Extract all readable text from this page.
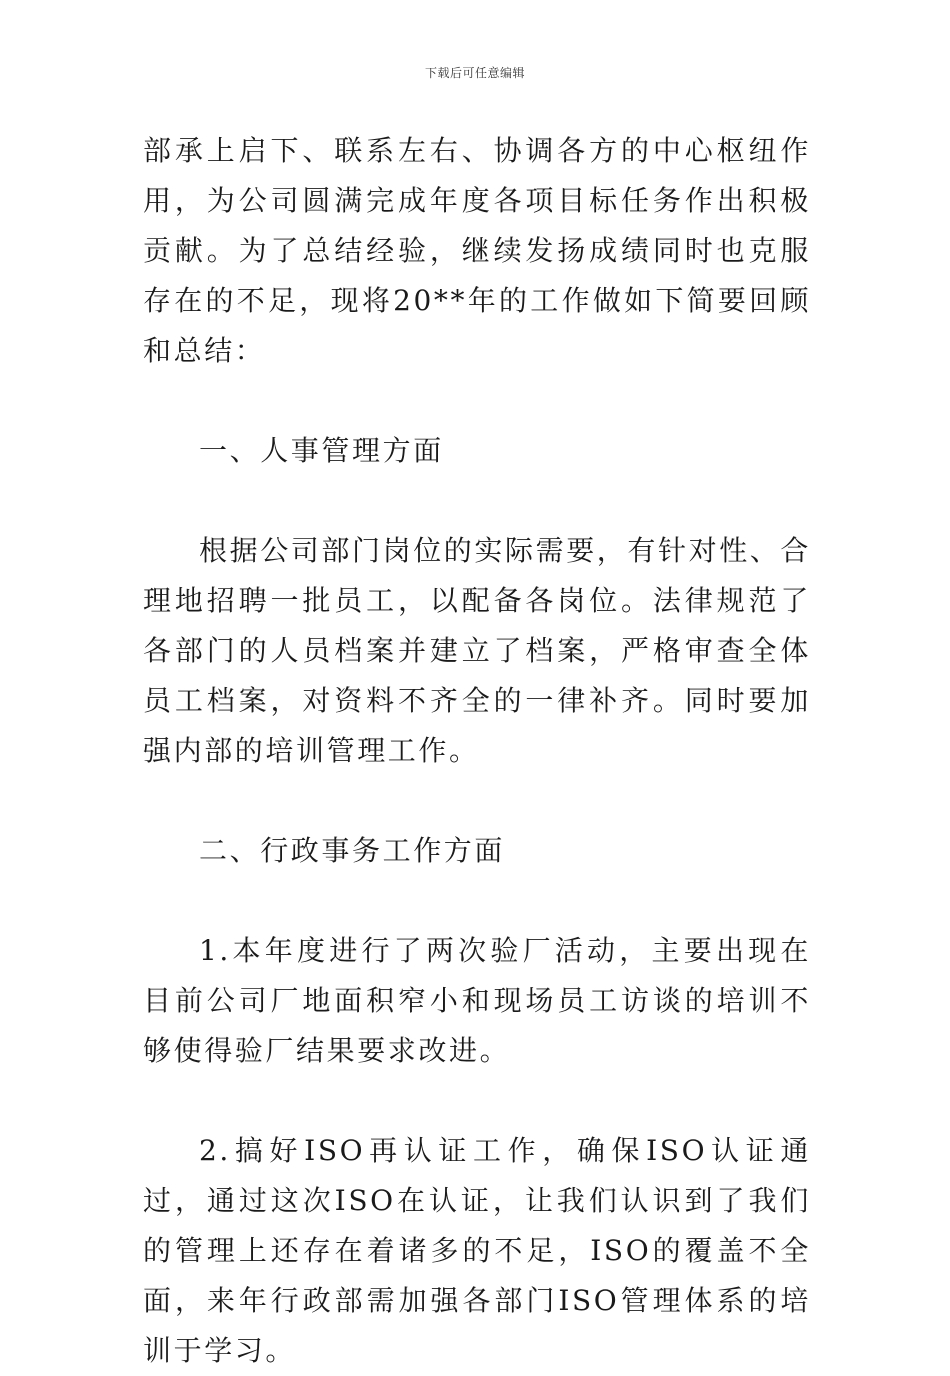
下载后可任意编辑

部承上启下、联系左右、协调各方的中心枢纽作用，为公司圆满完成年度各项目标任务作出积极贡献。为了总结经验，继续发扬成绩同时也克服存在的不足，现将20**年的工作做如下简要回顾和总结：

一、人事管理方面

根据公司部门岗位的实际需要，有针对性、合理地招聘一批员工，以配备各岗位。法律规范了各部门的人员档案并建立了档案，严格审查全体员工档案，对资料不齐全的一律补齐。同时要加强内部的培训管理工作。

二、行政事务工作方面

1.本年度进行了两次验厂活动，主要出现在目前公司厂地面积窄小和现场员工访谈的培训不够使得验厂结果要求改进。

2.搞好ISO再认证工作，确保ISO认证通过，通过这次ISO在认证，让我们认识到了我们的管理上还存在着诸多的不足，ISO的覆盖不全面，来年行政部需加强各部门ISO管理体系的培训于学习。
